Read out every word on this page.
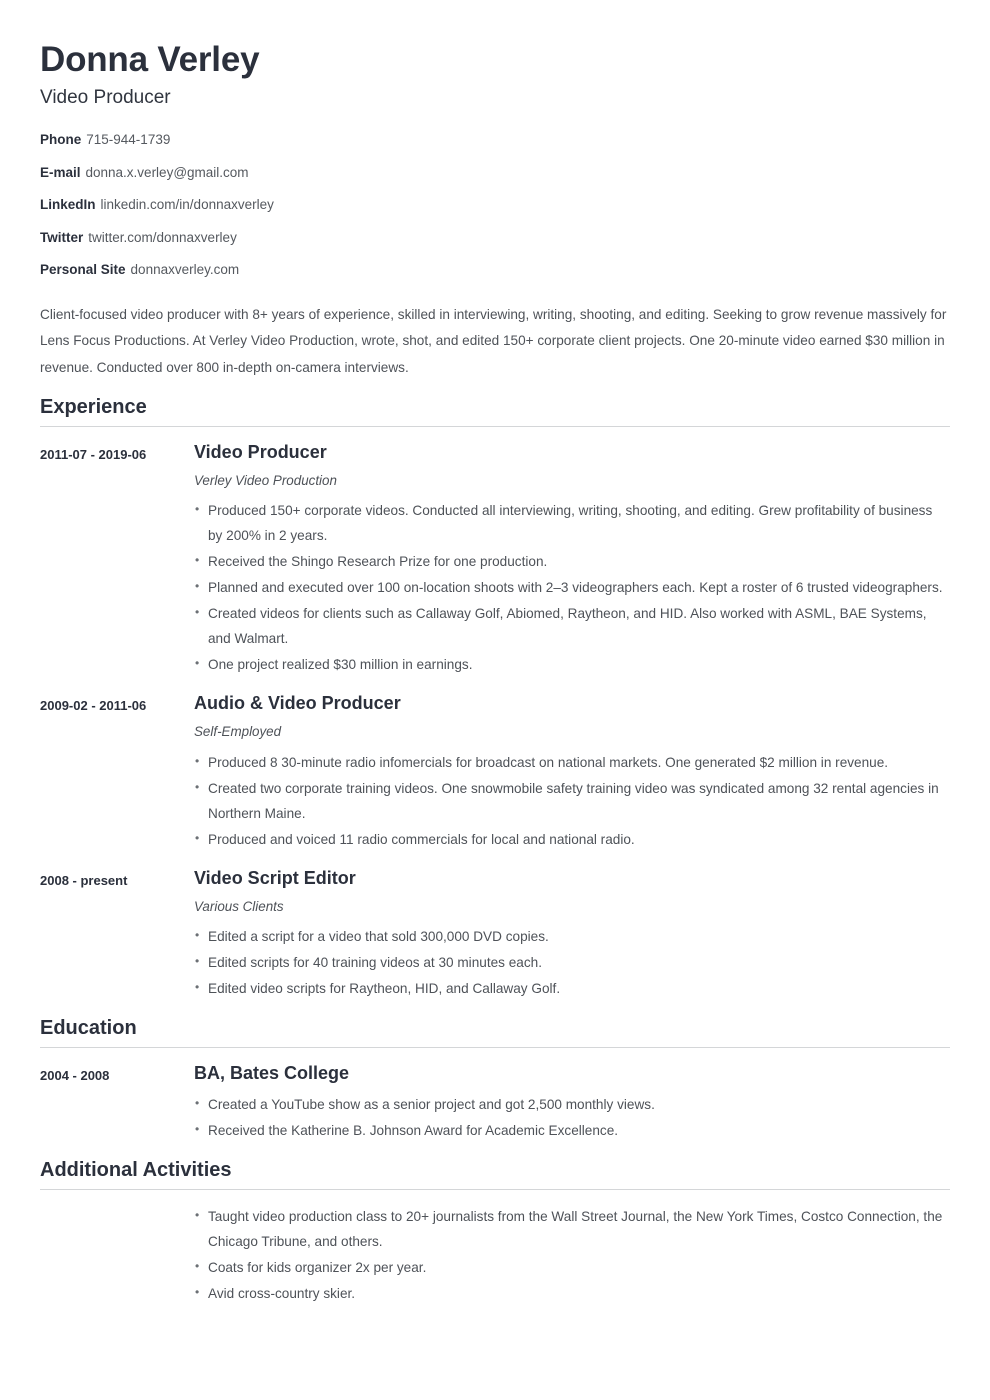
Donna Verley
Video Producer
Phone 715-944-1739
E-mail donna.x.verley@gmail.com
LinkedIn linkedin.com/in/donnaxverley
Twitter twitter.com/donnaxverley
Personal Site donnaxverley.com

Client-focused video producer with 8+ years of experience, skilled in interviewing, writing, shooting, and editing. Seeking to grow revenue massively for Lens Focus Productions. At Verley Video Production, wrote, shot, and edited 150+ corporate client projects. One 20-minute video earned $30 million in revenue. Conducted over 800 in-depth on-camera interviews.

Experience
2011-07 - 2019-06	Video Producer
Verley Video Production
• Produced 150+ corporate videos. Conducted all interviewing, writing, shooting, and editing. Grew profitability of business by 200% in 2 years.
• Received the Shingo Research Prize for one production.
• Planned and executed over 100 on-location shoots with 2–3 videographers each. Kept a roster of 6 trusted videographers.
• Created videos for clients such as Callaway Golf, Abiomed, Raytheon, and HID. Also worked with ASML, BAE Systems, and Walmart.
• One project realized $30 million in earnings.
2009-02 - 2011-06	Audio & Video Producer
Self-Employed
• Produced 8 30-minute radio infomercials for broadcast on national markets. One generated $2 million in revenue.
• Created two corporate training videos. One snowmobile safety training video was syndicated among 32 rental agencies in Northern Maine.
• Produced and voiced 11 radio commercials for local and national radio.
2008 - present	Video Script Editor
Various Clients
• Edited a script for a video that sold 300,000 DVD copies.
• Edited scripts for 40 training videos at 30 minutes each.
• Edited video scripts for Raytheon, HID, and Callaway Golf.
Education
2004 - 2008	BA, Bates College
• Created a YouTube show as a senior project and got 2,500 monthly views.
• Received the Katherine B. Johnson Award for Academic Excellence.
Additional Activities
• Taught video production class to 20+ journalists from the Wall Street Journal, the New York Times, Costco Connection, the Chicago Tribune, and others.
• Coats for kids organizer 2x per year.
• Avid cross-country skier.
